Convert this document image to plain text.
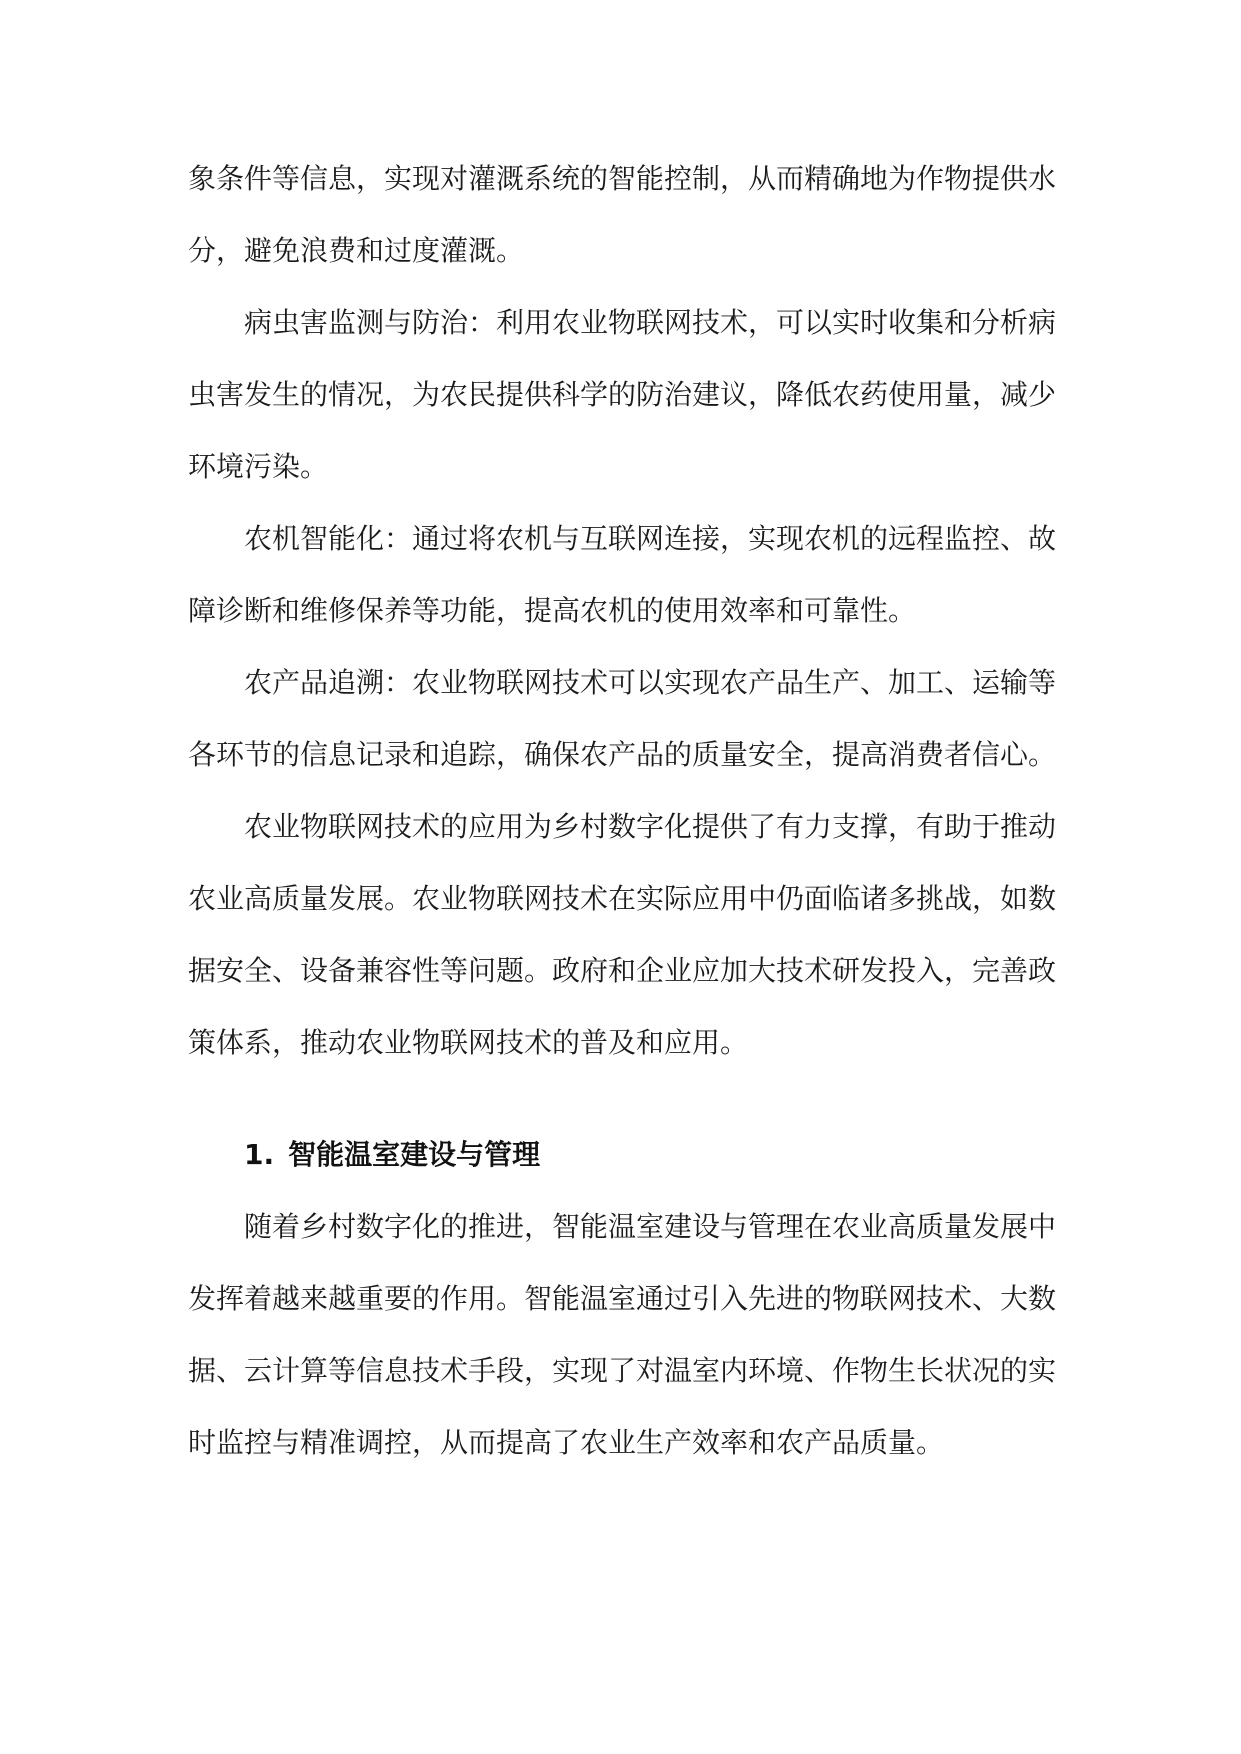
象条件等信息，实现对灌溉系统的智能控制，从而精确地为作物提供水分，避免浪费和过度灌溉。

病虫害监测与防治：利用农业物联网技术，可以实时收集和分析病虫害发生的情况，为农民提供科学的防治建议，降低农药使用量，减少环境污染。

农机智能化：通过将农机与互联网连接，实现农机的远程监控、故障诊断和维修保养等功能，提高农机的使用效率和可靠性。

农产品追溯：农业物联网技术可以实现农产品生产、加工、运输等各环节的信息记录和追踪，确保农产品的质量安全，提高消费者信心。

农业物联网技术的应用为乡村数字化提供了有力支撑，有助于推动农业高质量发展。农业物联网技术在实际应用中仍面临诸多挑战，如数据安全、设备兼容性等问题。政府和企业应加大技术研发投入，完善政策体系，推动农业物联网技术的普及和应用。

1. 智能温室建设与管理

随着乡村数字化的推进，智能温室建设与管理在农业高质量发展中发挥着越来越重要的作用。智能温室通过引入先进的物联网技术、大数据、云计算等信息技术手段，实现了对温室内环境、作物生长状况的实时监控与精准调控，从而提高了农业生产效率和农产品质量。
